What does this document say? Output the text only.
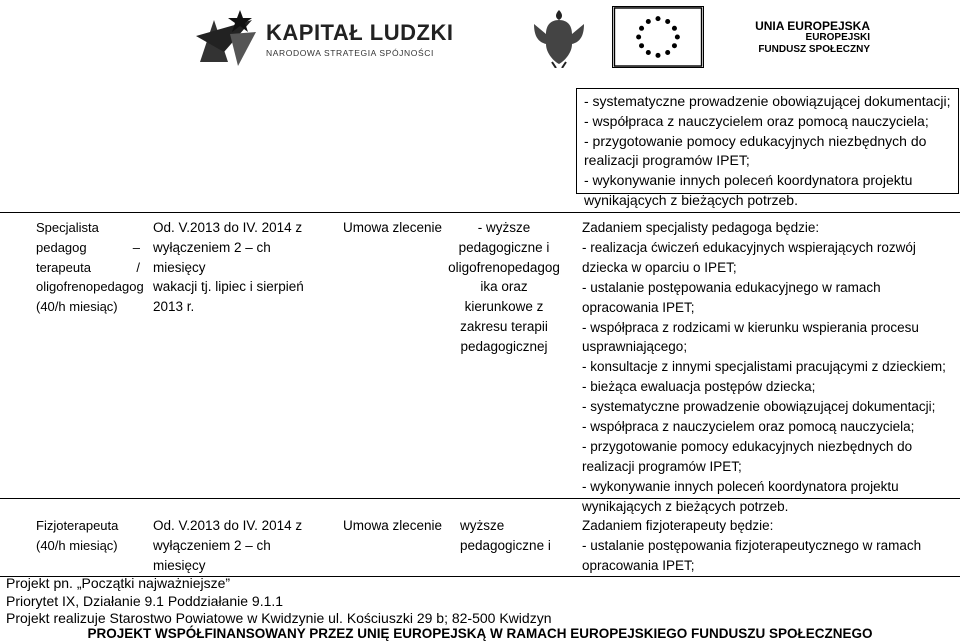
KAPITAŁ LUDZKI
NARODOWA STRATEGIA SPÓJNOŚCI
UNIA EUROPEJSKA
EUROPEJSKI
FUNDUSZ SPOŁECZNY
- systematyczne prowadzenie obowiązującej dokumentacji;
- współpraca z nauczycielem oraz pomocą nauczyciela;
- przygotowanie pomocy edukacyjnych niezbędnych do
realizacji programów IPET;
- wykonywanie innych poleceń koordynatora projektu
wynikających z bieżących potrzeb.
Specjalista
pedagog –
terapeuta /
oligofrenopedagog
(40/h miesiąc)
Od. V.2013 do IV. 2014 z
wyłączeniem 2 – ch miesięcy
wakacji tj. lipiec i sierpień
2013 r.
Umowa zlecenie	- wyższe
pedagogiczne i
oligofrenopedagog
ika oraz
kierunkowe z
zakresu terapii
pedagogicznej
Zadaniem specjalisty pedagoga będzie:
- realizacja ćwiczeń edukacyjnych wspierających rozwój
dziecka w oparciu o IPET;
- ustalanie postępowania edukacyjnego w ramach
opracowania IPET;
- współpraca z rodzicami w kierunku wspierania procesu
usprawniającego;
- konsultacje z innymi specjalistami pracującymi z dzieckiem;
- bieżąca ewaluacja postępów dziecka;
- systematyczne prowadzenie obowiązującej dokumentacji;
- współpraca z nauczycielem oraz pomocą nauczyciela;
- przygotowanie pomocy edukacyjnych niezbędnych do
realizacji programów IPET;
- wykonywanie innych poleceń koordynatora projektu
wynikających z bieżących potrzeb.
Fizjoterapeuta
(40/h miesiąc)
Od. V.2013 do IV. 2014 z
wyłączeniem 2 – ch miesięcy
Umowa zlecenie wyższe
pedagogiczne i
Zadaniem fizjoterapeuty będzie:
- ustalanie postępowania fizjoterapeutycznego w ramach
opracowania IPET;
Projekt pn. „Początki najważniejsze”
Priorytet IX, Działanie 9.1 Poddziałanie 9.1.1
Projekt realizuje Starostwo Powiatowe w Kwidzynie ul. Kościuszki 29 b; 82-500 Kwidzyn
PROJEKT WSPÓŁFINANSOWANY PRZEZ UNIĘ EUROPEJSKĄ W RAMACH EUROPEJSKIEGO FUNDUSZU SPOŁECZNEGO
